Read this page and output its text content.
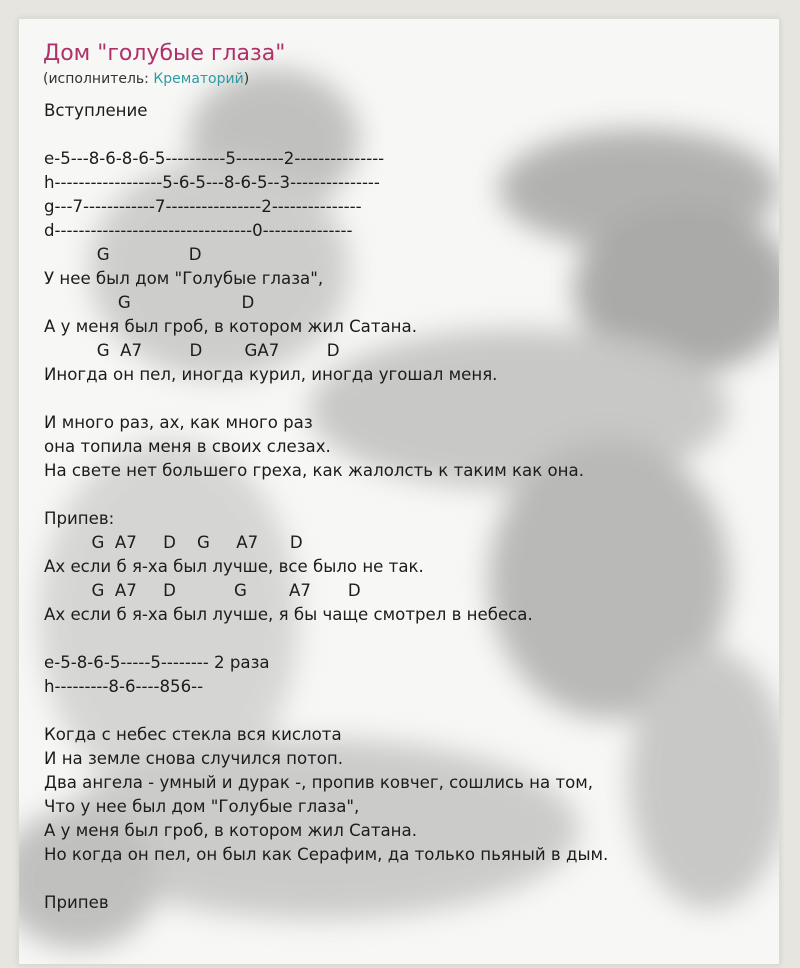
Дом "голубые глаза"
(исполнитель: Крематорий)
Вступление

e-5---8-6-8-6-5----------5--------2---------------
h------------------5-6-5---8-6-5--3---------------
g---7------------7----------------2---------------
d---------------------------------0---------------
G               D
У нее был дом "Голубые глаза",
G                     D
А у меня был гроб, в котором жил Сатана.
G  A7         D        GA7         D
Иногда он пел, иногда курил, иногда угошал меня.

И много раз, ах, как много раз
она топила меня в своих слезах.
На свете нет большего греха, как жалолсть к таким как она.

Припев:
G  A7     D    G     A7      D
Ах если б я-ха был лучше, все было не так.
G  A7     D           G        A7       D
Ах если б я-ха был лучше, я бы чаще смотрел в небеса.

e-5-8-6-5-----5-------- 2 раза
h---------8-6----856--

Когда с небес стекла вся кислота
И на земле снова случился потоп.
Два ангела - умный и дурак -, пропив ковчег, сошлись на том,
Что у нее был дом "Голубые глаза",
А у меня был гроб, в котором жил Сатана.
Но когда он пел, он был как Серафим, да только пьяный в дым.

Припев
